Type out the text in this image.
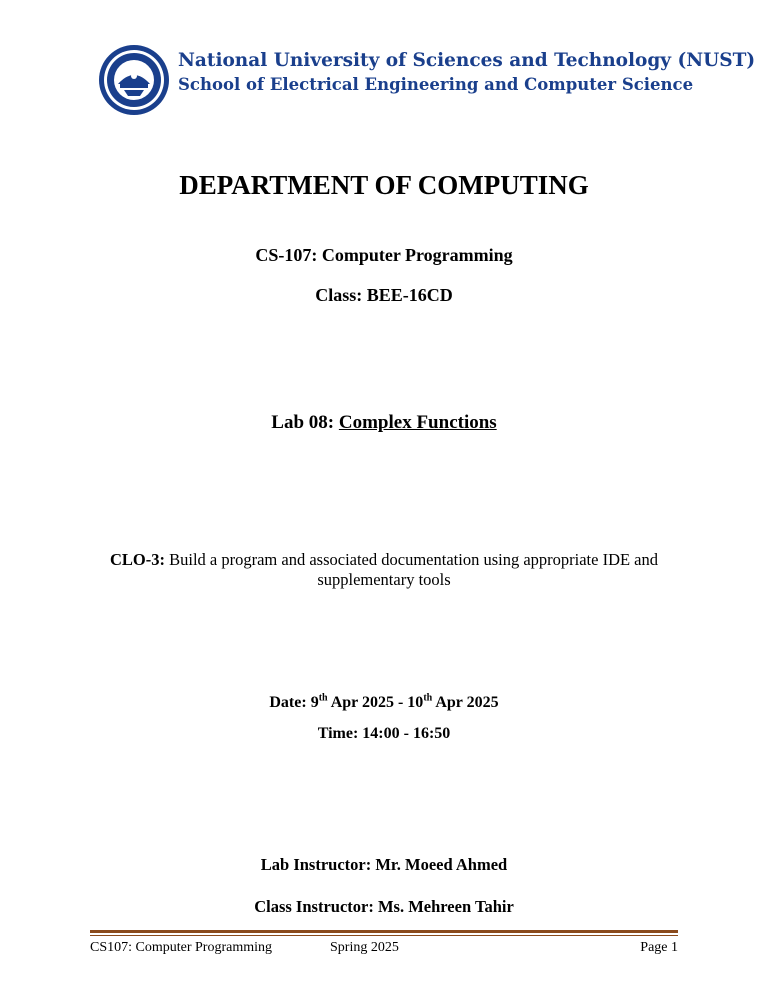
National University of Sciences and Technology (NUST)
School of Electrical Engineering and Computer Science
DEPARTMENT OF COMPUTING
CS-107: Computer Programming
Class: BEE-16CD
Lab 08: Complex Functions
CLO-3: Build a program and associated documentation using appropriate IDE and supplementary tools
Date: 9th Apr 2025 - 10th Apr 2025
Time: 14:00 - 16:50
Lab Instructor: Mr. Moeed Ahmed
Class Instructor: Ms. Mehreen Tahir
CS107: Computer Programming	Spring 2025	Page 1
